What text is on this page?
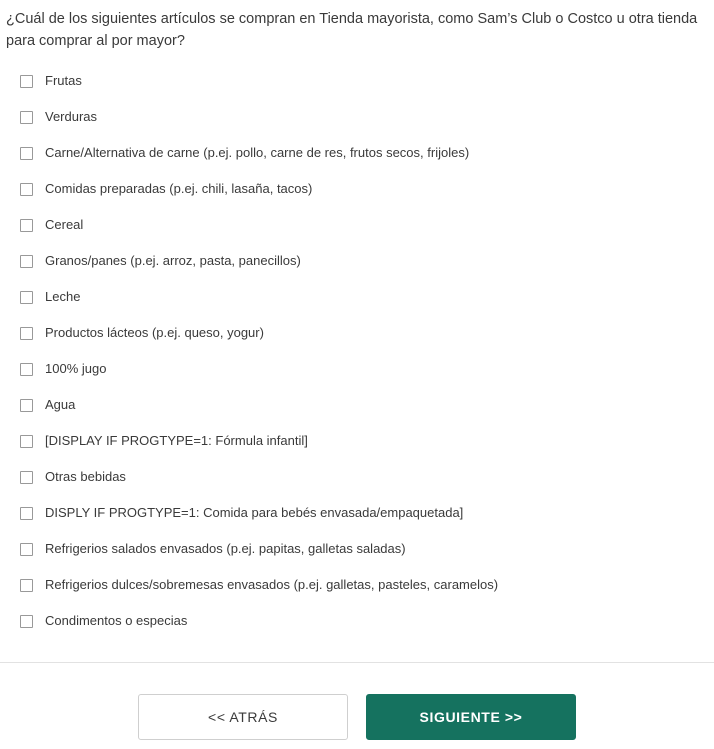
¿Cuál de los siguientes artículos se compran en Tienda mayorista, como Sam’s Club o Costco u otra tienda para comprar al por mayor?

Frutas
Verduras
Carne/Alternativa de carne (p.ej. pollo, carne de res, frutos secos, frijoles)
Comidas preparadas (p.ej. chili, lasaña, tacos)
Cereal
Granos/panes (p.ej. arroz, pasta, panecillos)
Leche
Productos lácteos (p.ej. queso, yogur)
100% jugo
Agua
[DISPLAY IF PROGTYPE=1: Fórmula infantil]
Otras bebidas
DISPLY IF PROGTYPE=1: Comida para bebés envasada/empaquetada]
Refrigerios salados envasados (p.ej. papitas, galletas saladas)
Refrigerios dulces/sobremesas envasados (p.ej. galletas, pasteles, caramelos)
Condimentos o especias
<< ATRÁS	SIGUIENTE >>
